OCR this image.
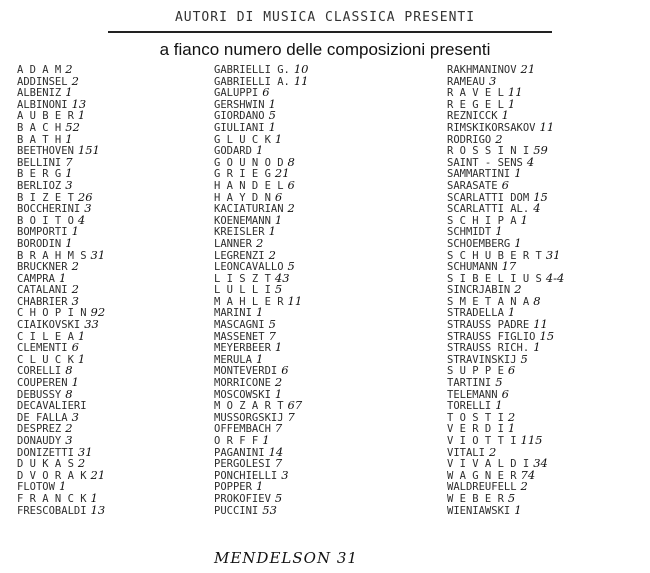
AUTORI DI MUSICA CLASSICA PRESENTI
a fianco numero delle composizioni presenti
A D A M 2
ADDINSEL 2
ALBENIZ 1
ALBINONI 13
A U B E R 1
B A C H 52
B A T H 1
BEETHOVEN 151
BELLINI 7
B E R G 1
BERLIOZ 3
B I Z E T 26
BOCCHERINI 3
B O I T O 4
BOMPORTI 1
BORODIN 1
B R A H M S 31
BRUCKNER 2
CAMPRA 1
CATALANI 2
CHABRIER 3
C H O P I N 92
CIAIKOVSKI 33
C I L E A 1
CLEMENTI 6
C L U C K 1
CORELLI 8
COUPEREN 1
DEBUSSY 8
DECAVALIERI
DE FALLA 3
DESPREZ 2
DONAUDY 3
DONIZETTI 31
D U K A S 2
D V O R A K 21
FLOTOW 1
F R A N C K 1
FRESCOBALDI 13
GABRIELLI G. 10
GABRIELLI A. 11
GALUPPI 6
GERSHWIN 1
GIORDANO 5
GIULIANI 1
G L U C K 1
GODARD 1
G O U N O D 8
G R I E G 21
H A N D E L 6
H A Y D N 6
KACIATURIAN 2
KOENEMANN 1
KREISLER 1
LANNER 2
LEGRENZI 2
LEONCAVALLO 5
L I S Z T 43
L U L L I 5
M A H L E R 11
MARINI 1
MASCAGNI 5
MASSENET 7
MEYERBEER 1
MERULA 1
MONTEVERDI 6
MORRICONE 2
MOSCOWSKI 1
M O Z A R T 67
MUSSORGSKIJ 7
OFFEMBACH 7
O R F F 1
PAGANINI 14
PERGOLESI 7
PONCHIELLI 3
POPPER 1
PROKOFIEV 5
PUCCINI 53
RAKHMANINOV 21
RAMEAU 3
R A V E L 11
R E G E L 1
REZNICCK 1
RIMSKIKORSAKOV 11
RODRIGO 2
R O S S I N I 59
SAINT - SENS 4
SAMMARTINI 1
SARASATE 6
SCARLATTI DOM 15
SCARLATTI AL. 4
S C H I P A 1
SCHMIDT 1
SCHOEMBERG 1
S C H U B E R T 31
SCHUMANN 17
S I B E L I U S 4-4
SINCRJABIN 2
S M E T A N A 8
STRADELLA 1
STRAUSS PADRE 11
STRAUSS FIGLIO 15
STRAUSS RICH. 1
STRAVINSKIJ 5
S U P P E 6
TARTINI 5
TELEMANN 6
TORELLI 1
T O S T I 2
V E R D I 1
V I O T T I 115
VITALI 2
V I V A L D I 34
W A G N E R 74
WALDREUFELL 2
W E B E R 5
WIENIAWSKI 1
MENDELSON 31
